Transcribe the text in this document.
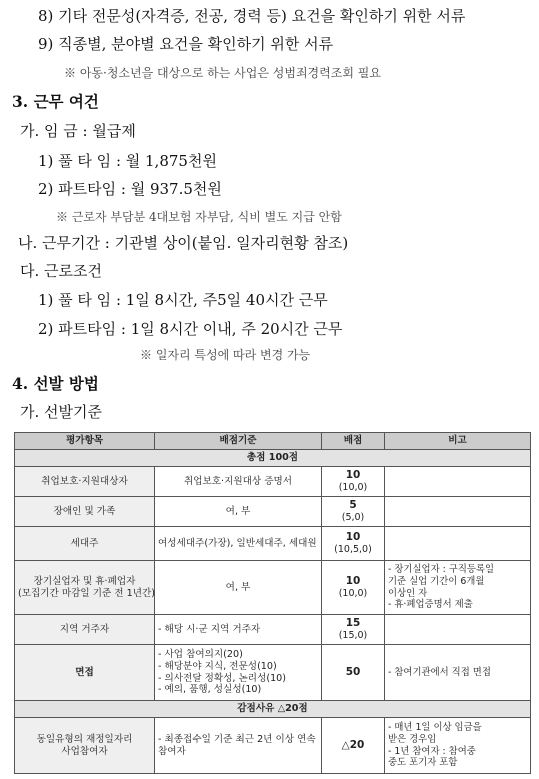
8) 기타 전문성(자격증, 전공, 경력 등) 요건을 확인하기 위한 서류
9) 직종별, 분야별 요건을 확인하기 위한 서류
※ 아동·청소년을 대상으로 하는 사업은 성범죄경력조회 필요
3. 근무 여건
가. 임 금 : 월급제
1) 풀 타 임 : 월 1,875천원
2) 파트타임 : 월 937.5천원
※ 근로자 부담분 4대보험 자부담, 식비 별도 지급 안함
나. 근무기간 : 기관별 상이(붙임. 일자리현황 참조)
다. 근로조건
1) 풀 타 임 : 1일 8시간, 주5일 40시간 근무
2) 파트타임 : 1일 8시간 이내, 주 20시간 근무
※ 일자리 특성에 따라 변경 가능
4. 선발 방법
가. 선발기준
평가항목	배점기준	배점	비고
총점 100점			
취업보호·지원대상자	취업보호·지원대상 증명서	10
(10,0)	

장애인 및 가족	여, 부	5
(5,0)	

세대주	여성세대주(가장), 일반세대주, 세대원	10
(10,5,0)	

장기실업자 및 휴·폐업자
(모집기간 마감일 기준 전 1년간)	여, 부	10
(10,0)	- 장기실업자 : 구직등록일
기준 실업 기간이 6개월
이상인 자
- 휴·폐업증명서 제출

지역 거주자	- 해당 시·군 지역 거주자	15
(15,0)	

면접	- 사업 참여의지(20)
- 해당분야 지식, 전문성(10)
- 의사전달 정확성, 논리성(10)
- 예의, 품행, 성실성(10)	50	- 참여기관에서 직접 면접
감점사유 △20점			

동일유형의 재정일자리
사업참여자	- 최종접수일 기준 최근 2년 이상 연속
참여자	△20	- 매년 1일 이상 임금을
받은 경우임
- 1년 참여자 : 참여중
중도 포기자 포함
